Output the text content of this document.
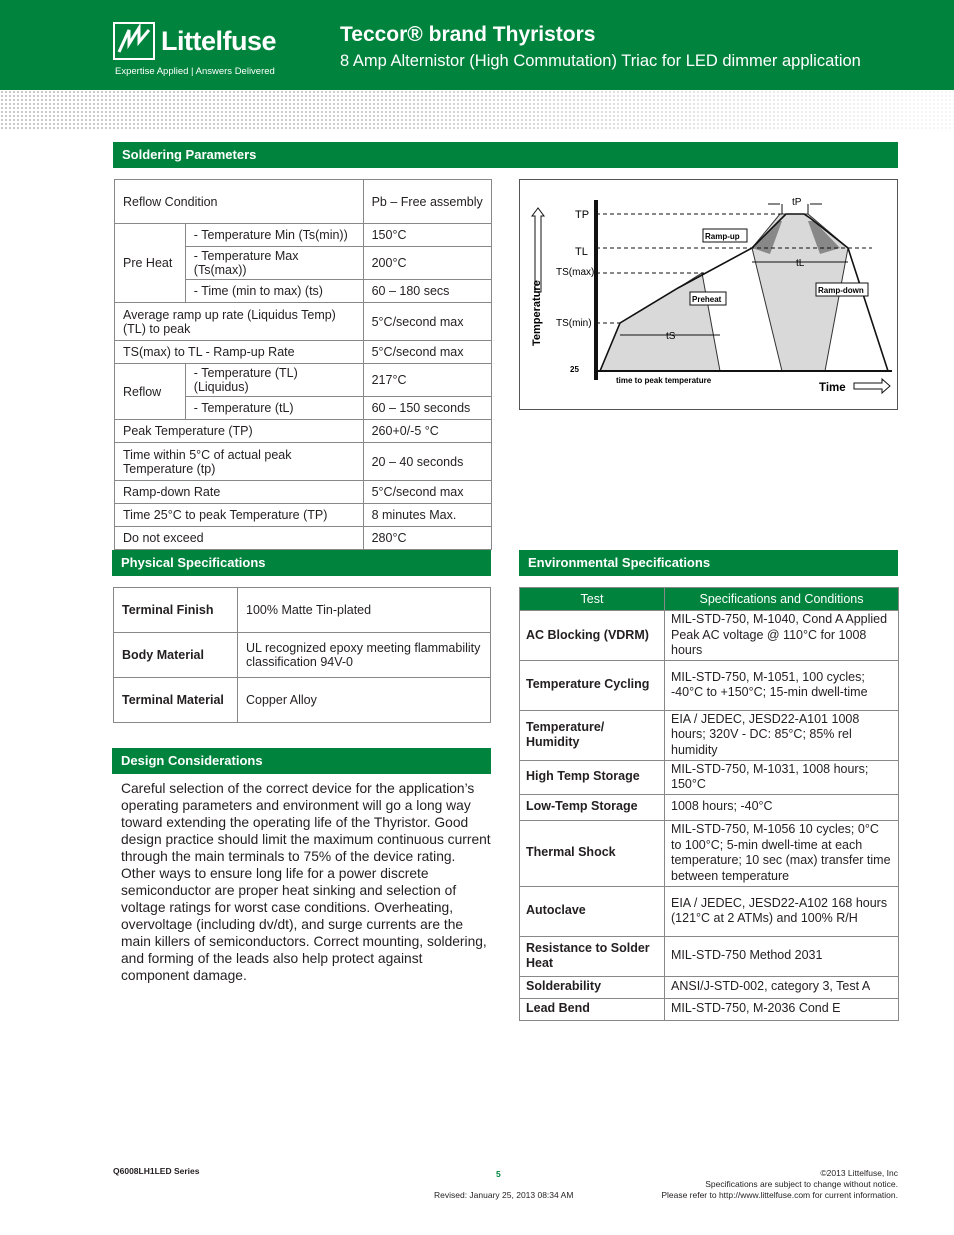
Littelfuse
Expertise Applied | Answers Delivered
Teccor® brand Thyristors
8 Amp Alternistor (High Commutation) Triac for LED dimmer application
Soldering Parameters
Reflow Condition		Pb – Free assembly
Pre Heat	- Temperature Min (Ts(min))	150°C
	- Temperature Max (Ts(max))	200°C
	- Time (min to max) (ts)	60 – 180 secs
Average ramp up rate (Liquidus Temp) (TL) to peak		5°C/second max
TS(max) to TL - Ramp-up Rate		5°C/second max
Reflow	- Temperature (TL) (Liquidus)	217°C
	- Temperature (tL)	60 – 150 seconds
Peak Temperature (TP)		260+0/-5 °C
Time within 5°C of actual peak Temperature (tp)		20 – 40 seconds
Ramp-down Rate		5°C/second max
Time 25°C to peak Temperature (TP)		8 minutes Max.
Do not exceed		280°C
Temperature
Time
TP
TL
TS(max)
TS(min)
25
tP
tL
tS
Ramp-up
Preheat
Ramp-down
time to peak temperature
Physical Specifications
Terminal Finish	100% Matte Tin-plated
Body Material	UL recognized epoxy meeting flammability classification 94V-0
Terminal Material	Copper Alloy
Design Considerations
Careful selection of the correct device for the application’s operating parameters and environment will go a long way toward extending the operating life of the Thyristor. Good design practice should limit the maximum continuous current through the main terminals to 75% of the device rating. Other ways to ensure long life for a power discrete semiconductor are proper heat sinking and selection of voltage ratings for worst case conditions. Overheating, overvoltage (including dv/dt), and surge currents are the main killers of semiconductors. Correct mounting, soldering, and forming of the leads also help protect against component damage.
Environmental Specifications
Test	Specifications and Conditions
AC Blocking (VDRM)	MIL-STD-750, M-1040, Cond A Applied Peak AC voltage @ 110°C for 1008 hours
Temperature Cycling	MIL-STD-750, M-1051, 100 cycles; -40°C to +150°C; 15-min dwell-time
Temperature/ Humidity	EIA / JEDEC, JESD22-A101 1008 hours; 320V - DC: 85°C; 85% rel humidity
High Temp Storage	MIL-STD-750, M-1031, 1008 hours; 150°C
Low-Temp Storage	1008 hours; -40°C
Thermal Shock	MIL-STD-750, M-1056 10 cycles; 0°C to 100°C; 5-min dwell-time at each temperature; 10 sec (max) transfer time between temperature
Autoclave	EIA / JEDEC, JESD22-A102 168 hours (121°C at 2 ATMs) and 100% R/H
Resistance to Solder Heat	MIL-STD-750 Method 2031
Solderability	ANSI/J-STD-002, category 3, Test A
Lead Bend	MIL-STD-750, M-2036 Cond E
Q6008LH1LED Series	5
Revised: January 25, 2013 08:34 AM
©2013 Littelfuse, Inc
Specifications are subject to change without notice.
Please refer to http://www.littelfuse.com for current information.
